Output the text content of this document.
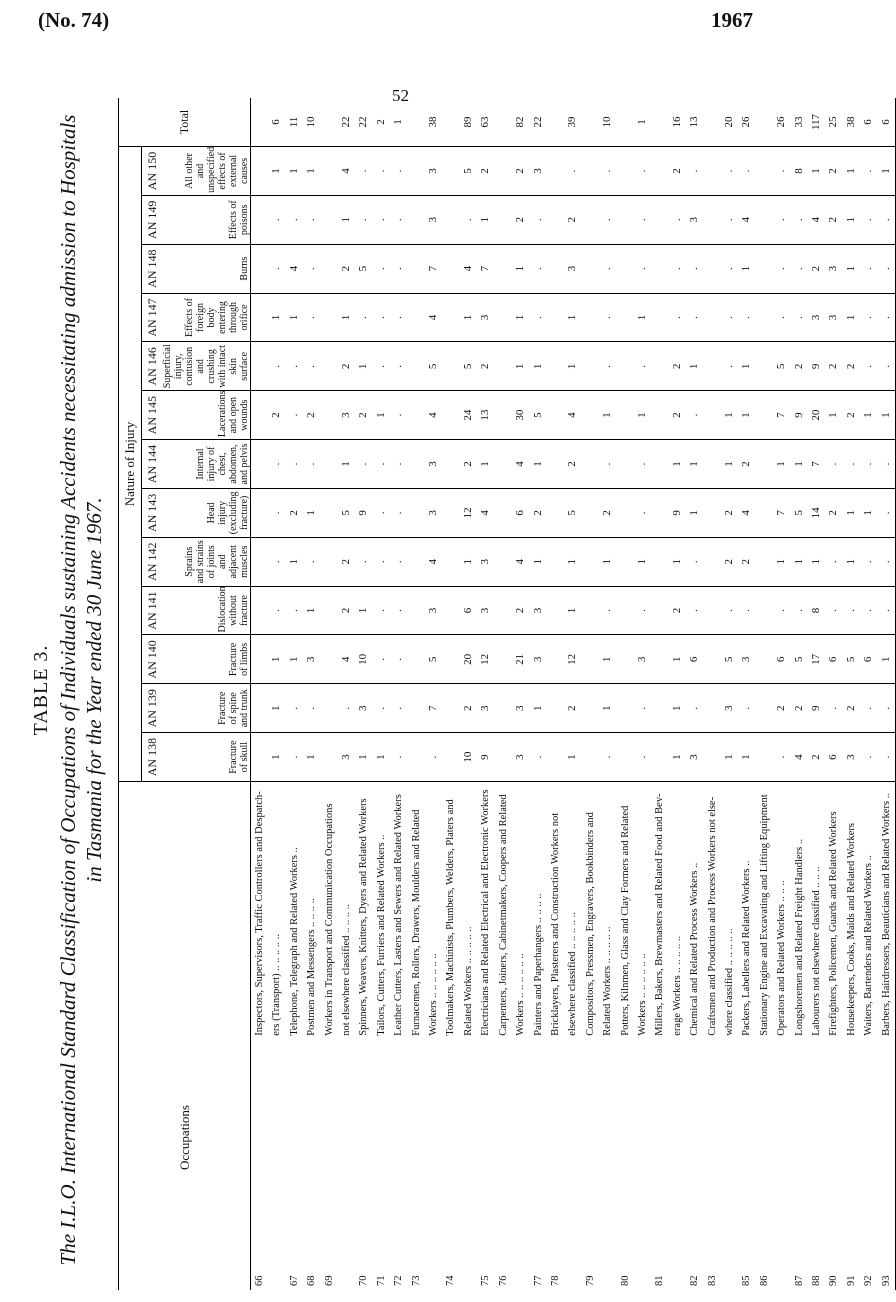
(No. 74)	1967
52
TABLE 3. The I.L.O. International Standard Classification of Occupations of Individuals sustaining Accidents necessitating admission to Hospitals in Tasmania for the Year ended 30 June 1967.
Occupations		Nature of Injury													Total
		AN 138	AN 139	AN 140	AN 141	AN 142	AN 143	AN 144	AN 145	AN 146	AN 147	AN 148	AN 149	AN 150	
		Fracture of skull	Fracture of spine and trunk	Fracture of limbs	Dislocation without fracture	Sprains and strains of joints and adjacent muscles	Head injury (excluding fracture)	Internal injury of chest, abdomen, and pelvis	Lacerations and open wounds	Superficial injury, contusion and crushing with intact skin surface	Effects of foreign body entering through orifice	Burns	Effects of poisons	All other and unspecified effects of external causes	
66	Inspectors, Supervisors, Traffic Controllers and Despatch-														
	ers (Transport) .. .. .. .. ..	1	1	1	.	.	.	.	2	.	1	.	.	1	6
67	Telephone, Telegraph and Related Workers ..	.	.	1	.	1	2	.	.	.	1	4	.	1	11
68	Postmen and Messengers .. .. .. ..	1	.	3	1	.	1	.	2	.	.	.	.	1	10
69	Workers in Transport and Communication Occupations														
	not elsewhere classified .. .. .. ..	3	.	4	2	2	5	1	3	2	1	2	1	4	22
70	Spinners, Weavers, Knitters, Dyers and Related Workers	1	3	10	1	.	9	.	2	1	.	5	.	.	22
71	Tailors, Cutters, Furriers and Related Workers ..	1	.	.	.	.	.	.	1	.	.	.	.	.	2
72	Leather Cutters, Lasters and Sewers and Related Workers	.	.	.	.	.	.	.	.	.	.	.	.	.	1
73	Furnacemen, Rollers, Drawers, Moulders and Related														
	Workers .. .. .. .. .. ..	.	7	5	3	4	3	3	4	5	4	7	3	3	38
74	Toolmakers, Machinists, Plumbers, Welders, Platers and														
	Related Workers .. .. .. .. ..	10	2	20	6	1	12	2	24	5	1	4	.	5	89
75	Electricians and Related Electrical and Electronic Workers	9	3	12	3	3	4	1	13	2	3	7	1	2	63
76	Carpenters, Joiners, Cabinetmakers, Coopers and Related														
	Workers .. .. .. .. .. ..	3	3	21	2	4	6	4	30	1	1	1	2	2	82
77	Painters and Paperhangers .. .. .. ..	.	1	3	3	1	2	1	5	1	.	.	.	3	22
78	Bricklayers, Plasterers and Construction Workers not														
	elsewhere classified .. .. .. .. ..	1	2	12	1	1	5	2	4	1	1	3	2	.	39
79	Compositors, Pressmen, Engravers, Bookbinders and														
	Related Workers .. .. .. .. ..	.	1	1	.	1	2	.	1	.	.	.	.	.	10
80	Potters, Kilnmen, Glass and Clay Formers and Related														
	Workers .. .. .. .. .. ..	.	.	3	.	1	.	.	1	.	1	.	.	.	1
81	Millers, Bakers, Brewmasters and Related Food and Bev-														
	erage Workers .. .. .. .. ..	1	1	1	2	1	9	1	2	2	.	.	.	2	16
82	Chemical and Related Process Workers ..	3	.	6	.	.	1	1	.	1	.	.	3	.	13
83	Craftsmen and Production and Process Workers not else-														
	where classified .. .. .. .. ..	1	3	5	.	2	2	1	1	.	.	.	.	.	20
85	Packers, Labellers and Related Workers ..	1	.	3	.	2	4	2	1	1	.	1	4	.	26
86	Stationary Engine and Excavating and Lifting Equipment														
	Operators and Related Workers .. .. ..	.	2	6	.	1	7	1	7	5	.	.	.	.	26
87	Longshoremen and Related Freight Handlers ..	4	2	5	.	1	5	1	9	2	.	.	.	8	33
88	Labourers not elsewhere classified .. .. ..	2	9	17	8	1	14	7	20	9	3	2	4	1	117
90	Firefighters, Policemen, Guards and Related Workers	6	.	6	.	.	2	.	1	2	3	3	2	2	25
91	Housekeepers, Cooks, Maids and Related Workers	3	2	5	.	1	1	.	2	2	1	1	1	1	38
92	Waiters, Bartenders and Related Workers ..	.	.	6	.	.	1	.	1	.	.	.	.	.	6
93	Barbers, Hairdressers, Beauticians and Related Workers ..	.	.	1	.	.	.	.	1	.	.	.	.	1	6
